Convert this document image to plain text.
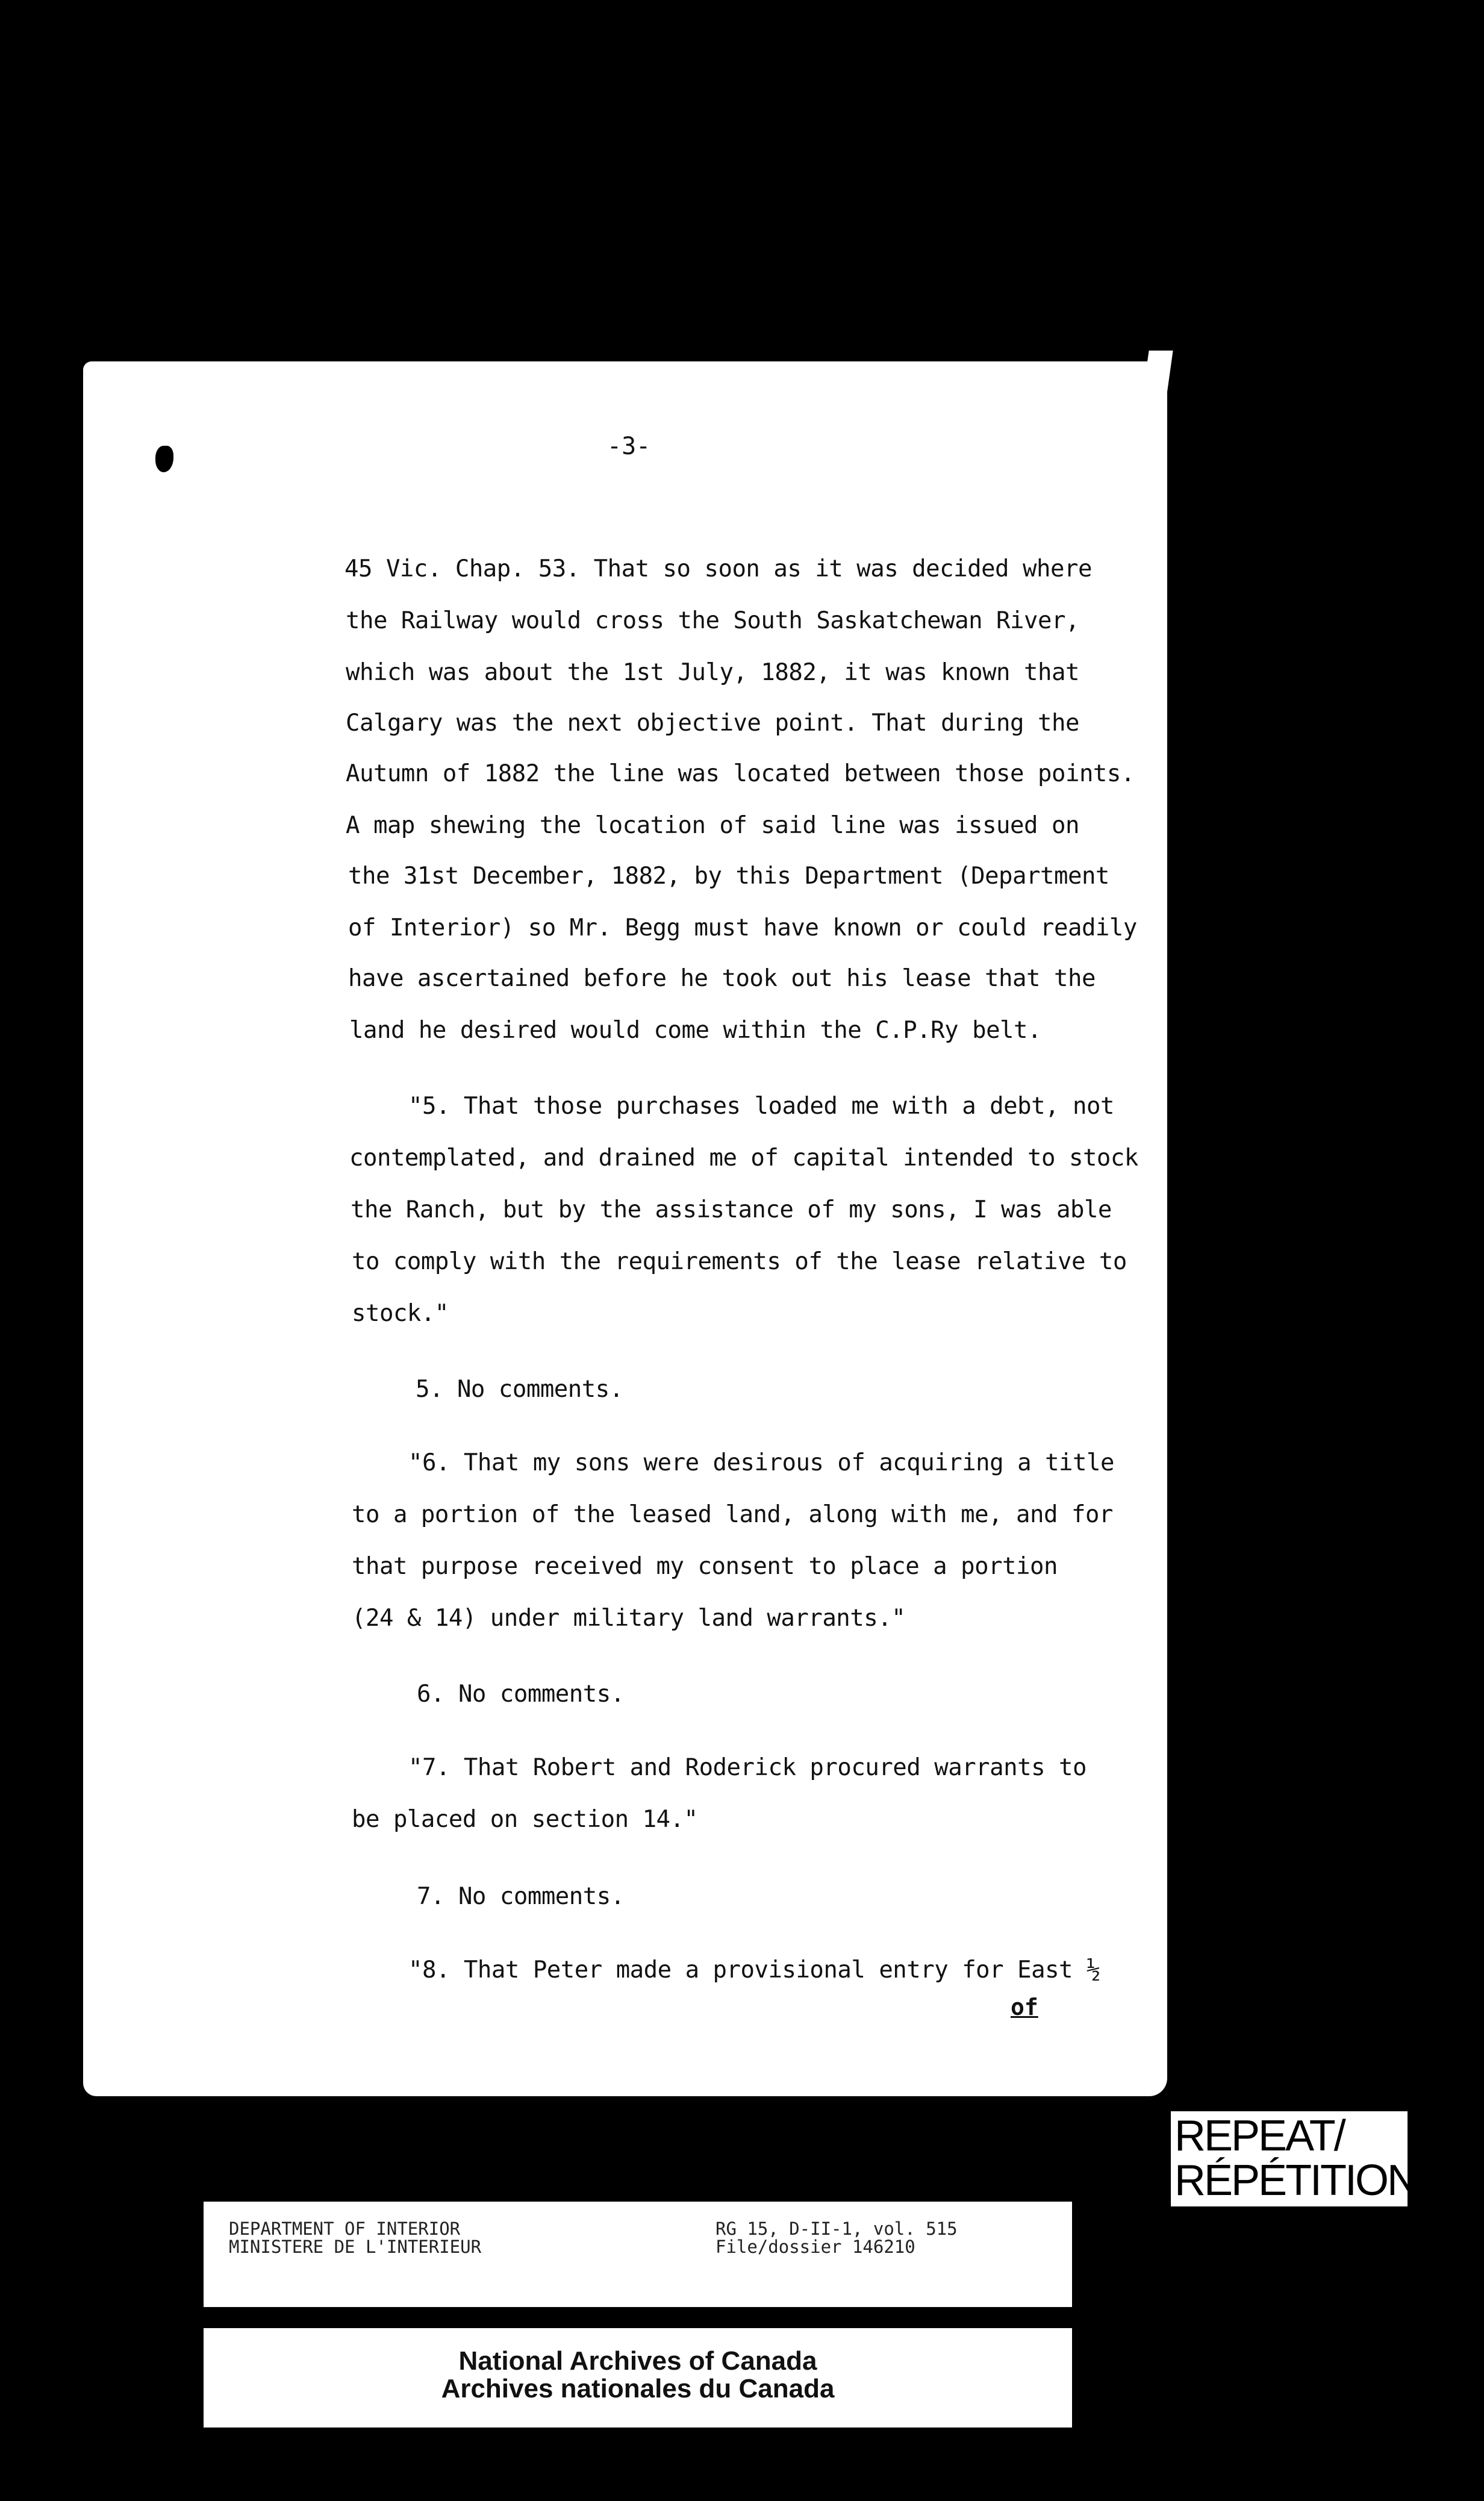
-3-
45 Vic. Chap. 53. That so soon as it was decided where
the Railway would cross the South Saskatchewan River,
which was about the 1st July, 1882, it was known that
Calgary was the next objective point. That during the
Autumn of 1882 the line was located between those points.
A map shewing the location of said line was issued on
the 31st December, 1882, by this Department (Department
of Interior) so Mr. Begg must have known or could readily
have ascertained before he took out his lease that the
land he desired would come within the C.P.Ry belt.
"5. That those purchases loaded me with a debt, not
contemplated, and drained me of capital intended to stock
the Ranch, but by the assistance of my sons, I was able
to comply with the requirements of the lease relative to
stock."
5. No comments.
"6. That my sons were desirous of acquiring a title
to a portion of the leased land, along with me, and for
that purpose received my consent to place a portion
(24 & 14) under military land warrants."
6. No comments.
"7. That Robert and Roderick procured warrants to
be placed on section 14."
7. No comments.
"8. That Peter made a provisional entry for East ½
of
REPEAT/
RÉPÉTITION
DEPARTMENT OF INTERIOR
MINISTERE DE L'INTERIEUR
RG 15, D-II-1, vol. 515
File/dossier 146210
National Archives of Canada
Archives nationales du Canada
